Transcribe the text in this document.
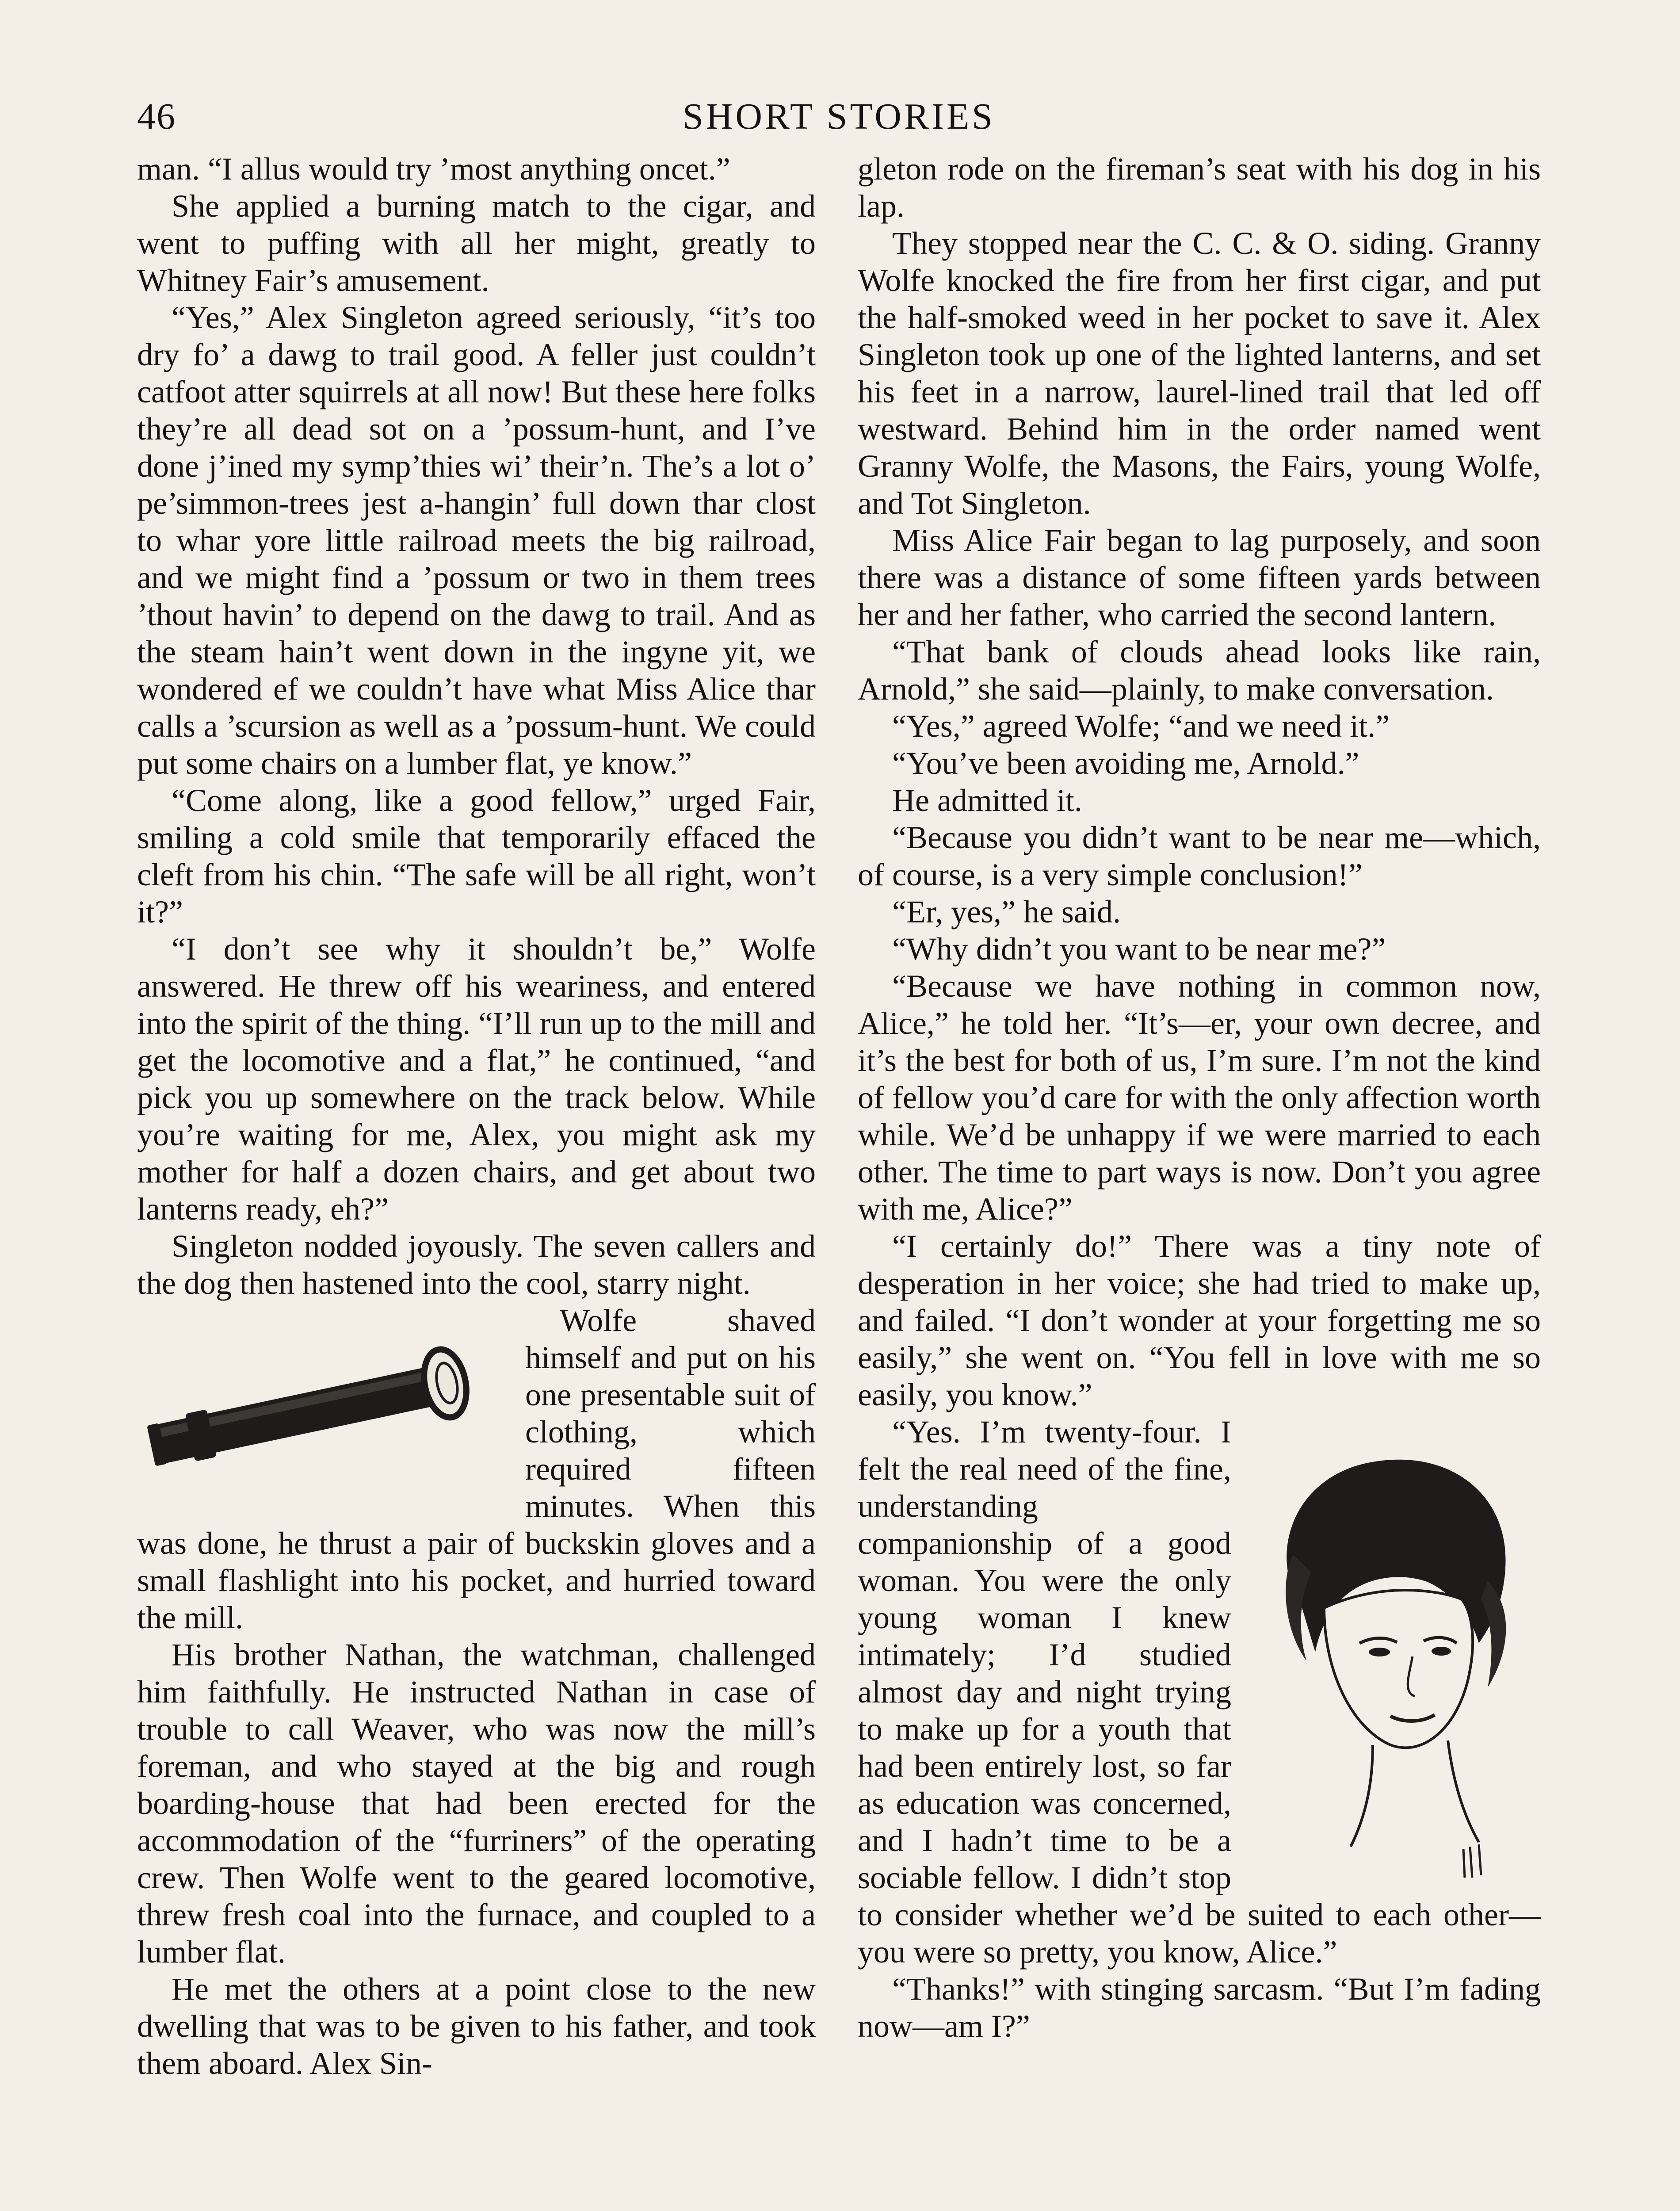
46	SHORT STORIES

man. “I allus would try ’most anything oncet.”

She applied a burning match to the cigar, and went to puffing with all her might, greatly to Whitney Fair’s amusement.

“Yes,” Alex Singleton agreed seriously, “it’s too dry fo’ a dawg to trail good. A feller just couldn’t catfoot atter squirrels at all now! But these here folks they’re all dead sot on a ’possum-hunt, and I’ve done j’ined my symp’thies wi’ their’n. The’s a lot o’ pe’simmon-trees jest a-hangin’ full down thar clost to whar yore little railroad meets the big railroad, and we might find a ’possum or two in them trees ’thout havin’ to depend on the dawg to trail. And as the steam hain’t went down in the ingyne yit, we wondered ef we couldn’t have what Miss Alice thar calls a ’scursion as well as a ’possum-hunt. We could put some chairs on a lumber flat, ye know.”

“Come along, like a good fellow,” urged Fair, smiling a cold smile that temporarily effaced the cleft from his chin. “The safe will be all right, won’t it?”

“I don’t see why it shouldn’t be,” Wolfe answered. He threw off his weariness, and entered into the spirit of the thing. “I’ll run up to the mill and get the locomotive and a flat,” he continued, “and pick you up somewhere on the track below. While you’re waiting for me, Alex, you might ask my mother for half a dozen chairs, and get about two lanterns ready, eh?”

Singleton nodded joyously. The seven callers and the dog then hastened into the cool, starry night.

Wolfe shaved himself and put on his one presentable suit of clothing, which required fifteen minutes. When this was done, he thrust a pair of buckskin gloves and a small flashlight into his pocket, and hurried toward the mill.

His brother Nathan, the watchman, challenged him faithfully. He instructed Nathan in case of trouble to call Weaver, who was now the mill’s foreman, and who stayed at the big and rough boarding-house that had been erected for the accommodation of the “furriners” of the operating crew. Then Wolfe went to the geared locomotive, threw fresh coal into the furnace, and coupled to a lumber flat.

He met the others at a point close to the new dwelling that was to be given to his father, and took them aboard. Alex Sin-

gleton rode on the fireman’s seat with his dog in his lap.

They stopped near the C. C. & O. siding. Granny Wolfe knocked the fire from her first cigar, and put the half-smoked weed in her pocket to save it. Alex Singleton took up one of the lighted lanterns, and set his feet in a narrow, laurel-lined trail that led off westward. Behind him in the order named went Granny Wolfe, the Masons, the Fairs, young Wolfe, and Tot Singleton.

Miss Alice Fair began to lag purposely, and soon there was a distance of some fifteen yards between her and her father, who carried the second lantern.

“That bank of clouds ahead looks like rain, Arnold,” she said—plainly, to make conversation.

“Yes,” agreed Wolfe; “and we need it.”

“You’ve been avoiding me, Arnold.”

He admitted it.

“Because you didn’t want to be near me—which, of course, is a very simple conclusion!”

“Er, yes,” he said.

“Why didn’t you want to be near me?”

“Because we have nothing in common now, Alice,” he told her. “It’s—er, your own decree, and it’s the best for both of us, I’m sure. I’m not the kind of fellow you’d care for with the only affection worth while. We’d be unhappy if we were married to each other. The time to part ways is now. Don’t you agree with me, Alice?”

“I certainly do!” There was a tiny note of desperation in her voice; she had tried to make up, and failed. “I don’t wonder at your forgetting me so easily,” she went on. “You fell in love with me so easily, you know.”

“Yes. I’m twenty-four. I felt the real need of the fine, understanding companionship of a good woman. You were the only young woman I knew intimately; I’d studied almost day and night trying to make up for a youth that had been entirely lost, so far as education was concerned, and I hadn’t time to be a sociable fellow. I didn’t stop to consider whether we’d be suited to each other—you were so pretty, you know, Alice.”

“Thanks!” with stinging sarcasm. “But I’m fading now—am I?”
